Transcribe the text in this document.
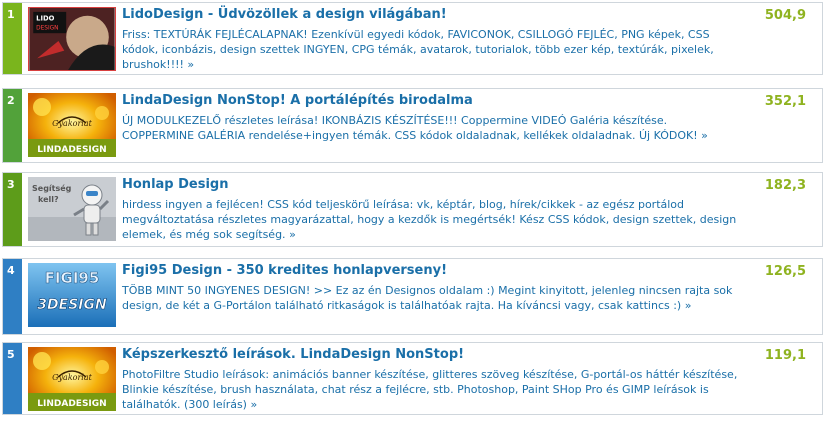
1	LIDO
DESIGN
LidoDesign - Üdvözöllek a design világában!	504,9
Friss: TEXTÚRÁK FEJLÉCALAPNAK! Ezenkívül egyedi kódok, FAVICONOK, CSILLOGÓ FEJLÉC, PNG képek, CSS kódok, iconbázis, design szettek INGYEN, CPG témák, avatarok, tutorialok, több ezer kép, textúrák, pixelek, brushok!!!! »
2
Gyakorlat
LINDADESIGN
LindaDesign NonStop! A portálépítés birodalma	352,1
ÚJ MODULKEZELŐ részletes leírása! IKONBÁZIS KÉSZÍTÉSE!!! Coppermine VIDEÓ Galéria készítése. COPPERMINE GALÉRIA rendelése+ingyen témák. CSS kódok oldaladnak, kellékek oldaladnak. Új KÓDOK! »
3	Segítség
kell?
Honlap Design	182,3
hirdess ingyen a fejlécen! CSS kód teljeskörű leírása: vk, képtár, blog, hírek/cikkek - az egész portálod megváltoztatása részletes magyarázattal, hogy a kezdők is megértsék! Kész CSS kódok, design szettek, design elemek, és még sok segítség. »
4	FIGI95
3DESIGN
Figi95 Design - 350 kredites honlapverseny!	126,5
TÖBB MINT 50 INGYENES DESIGN! >> Ez az én Designos oldalam :) Megint kinyitott, jelenleg nincsen rajta sok design, de két a G-Portálon található ritkaságok is találhatóak rajta. Ha kíváncsi vagy, csak kattincs :) »
5
Gyakorlat
LINDADESIGN
Képszerkesztő leírások. LindaDesign NonStop!	119,1
PhotoFiltre Studio leírások: animációs banner készítése, glitteres szöveg készítése, G-portál-os háttér készítése, Blinkie készítése, brush használata, chat rész a fejlécre, stb. Photoshop, Paint SHop Pro és GIMP leírások is találhatók. (300 leírás) »
